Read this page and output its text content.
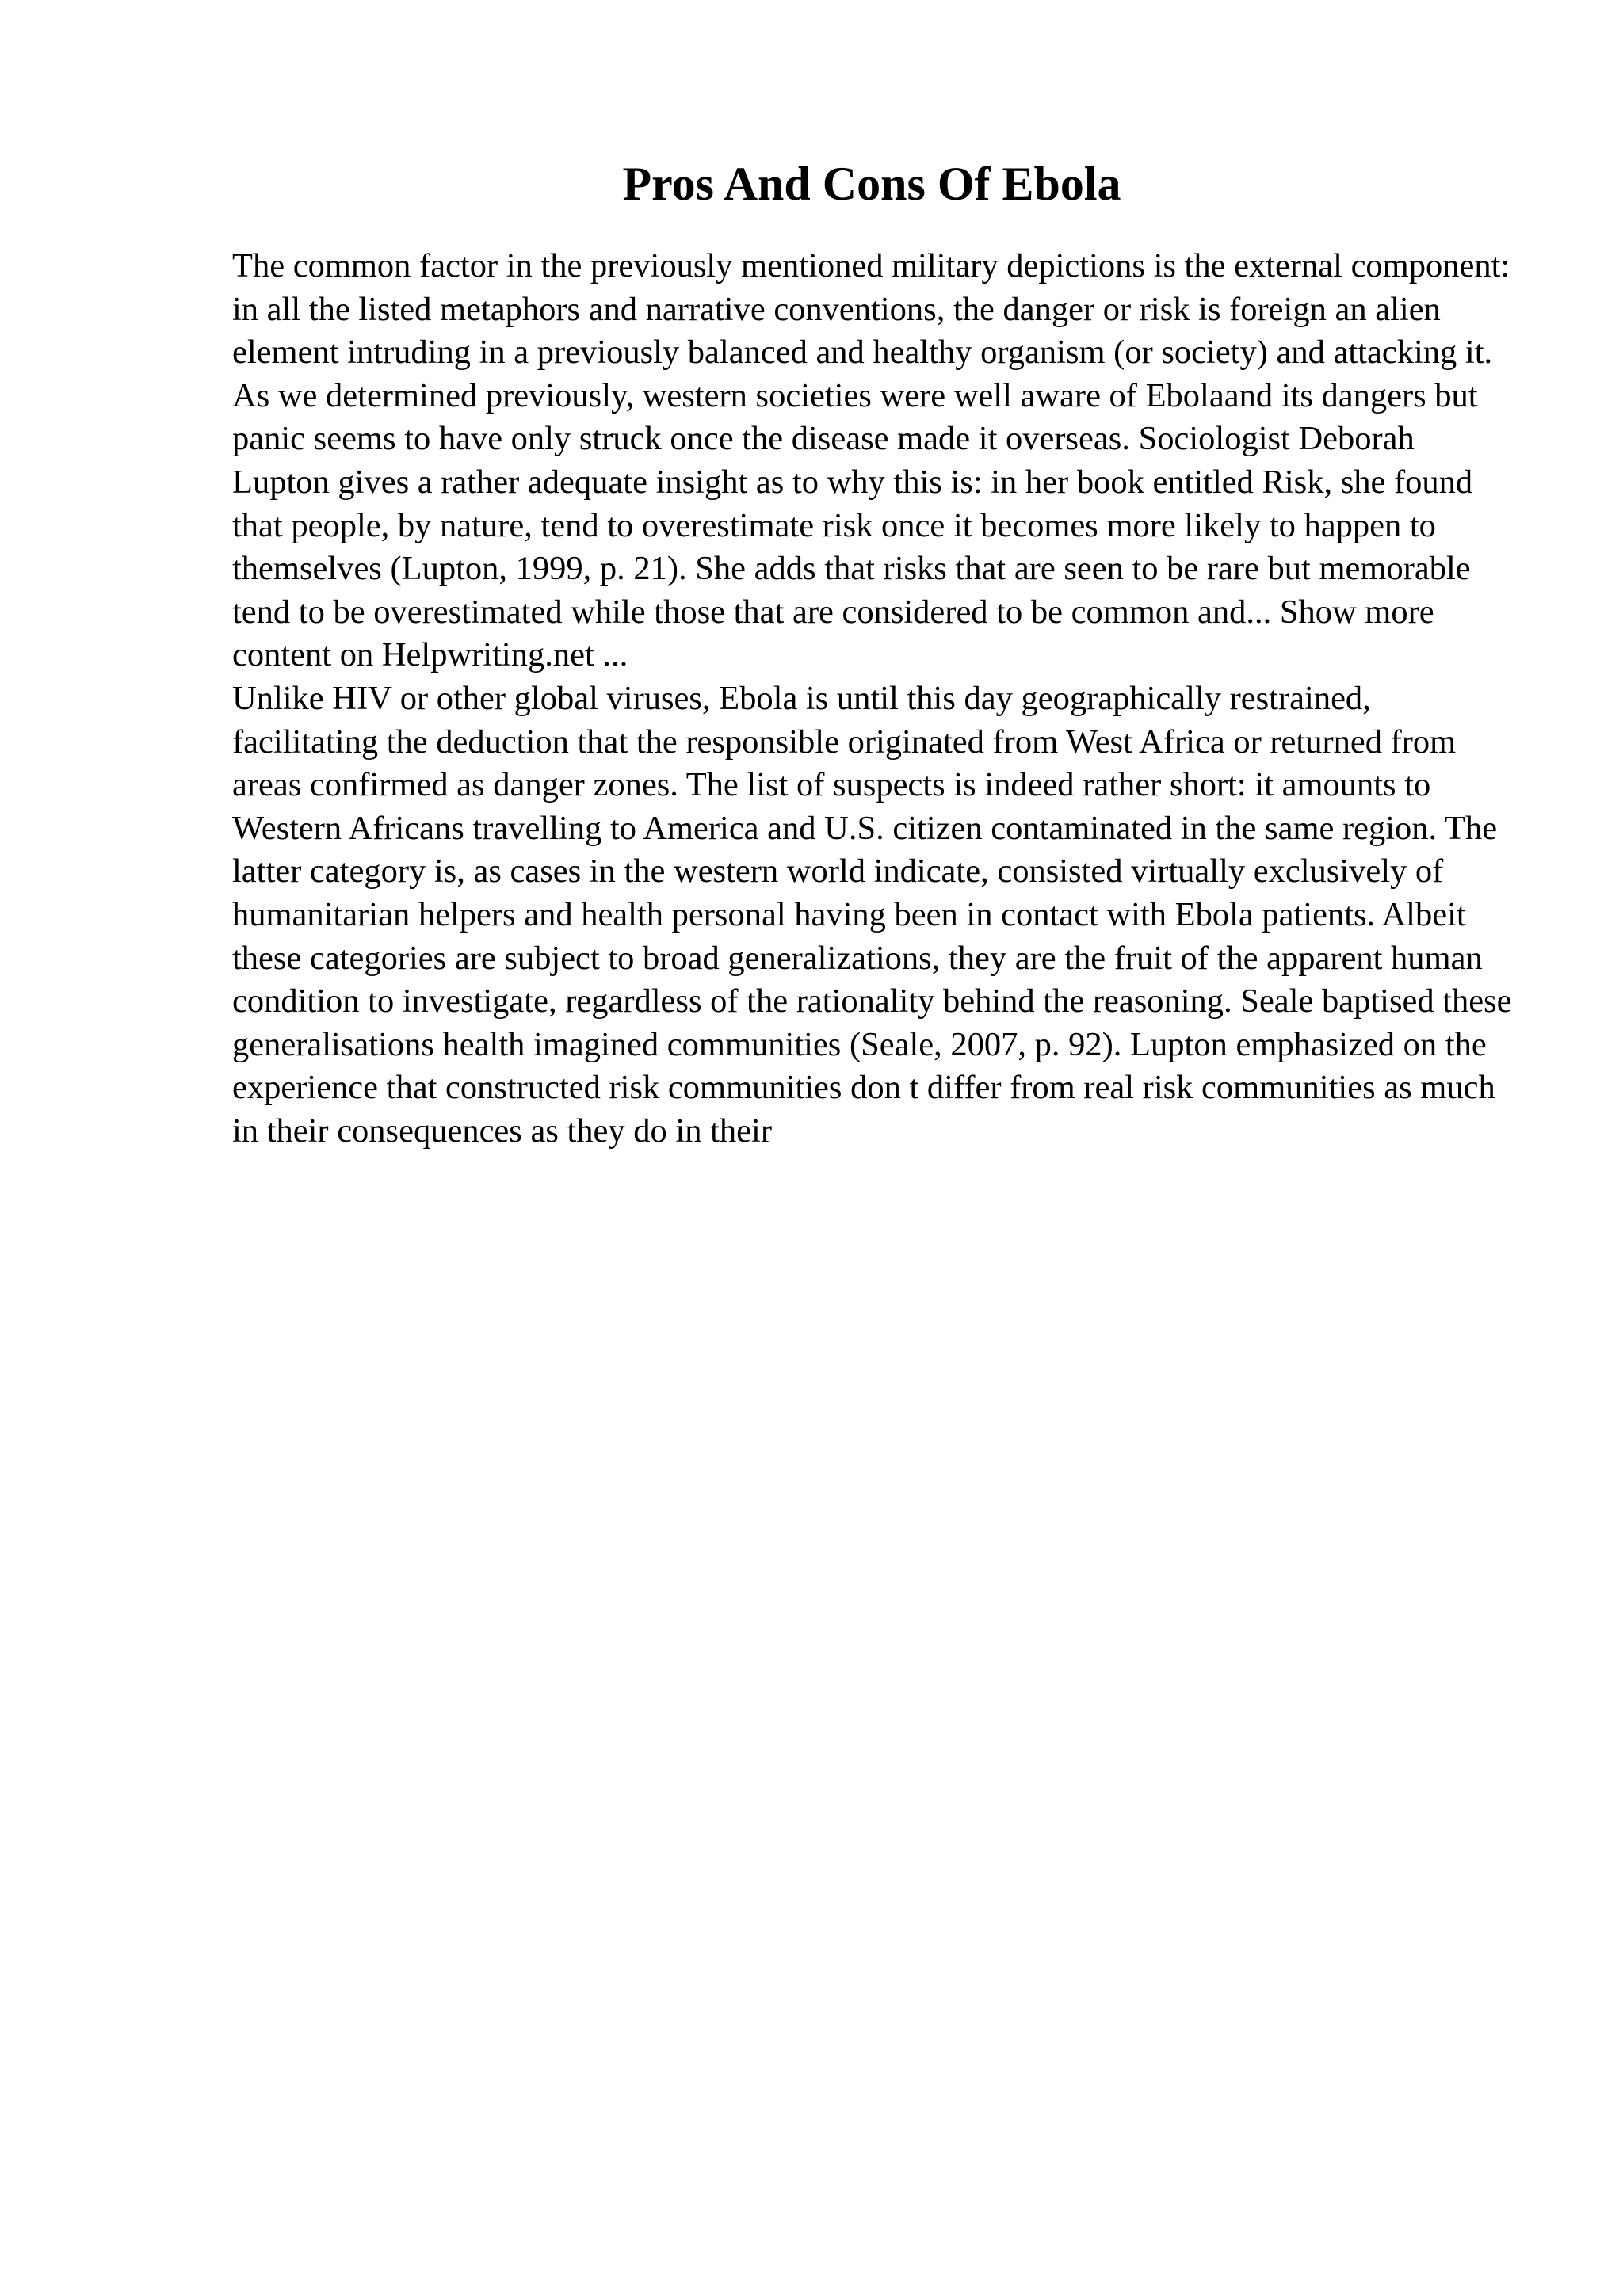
Pros And Cons Of Ebola

The common factor in the previously mentioned military depictions is the external component: in all the listed metaphors and narrative conventions, the danger or risk is foreign an alien element intruding in a previously balanced and healthy organism (or society) and attacking it. As we determined previously, western societies were well aware of Ebolaand its dangers but panic seems to have only struck once the disease made it overseas. Sociologist Deborah Lupton gives a rather adequate insight as to why this is: in her book entitled Risk, she found that people, by nature, tend to overestimate risk once it becomes more likely to happen to themselves (Lupton, 1999, p. 21). She adds that risks that are seen to be rare but memorable tend to be overestimated while those that are considered to be common and... Show more content on Helpwriting.net ...

Unlike HIV or other global viruses, Ebola is until this day geographically restrained, facilitating the deduction that the responsible originated from West Africa or returned from areas confirmed as danger zones. The list of suspects is indeed rather short: it amounts to Western Africans travelling to America and U.S. citizen contaminated in the same region. The latter category is, as cases in the western world indicate, consisted virtually exclusively of humanitarian helpers and health personal having been in contact with Ebola patients. Albeit these categories are subject to broad generalizations, they are the fruit of the apparent human condition to investigate, regardless of the rationality behind the reasoning. Seale baptised these generalisations health imagined communities (Seale, 2007, p. 92). Lupton emphasized on the experience that constructed risk communities don t differ from real risk communities as much in their consequences as they do in their
